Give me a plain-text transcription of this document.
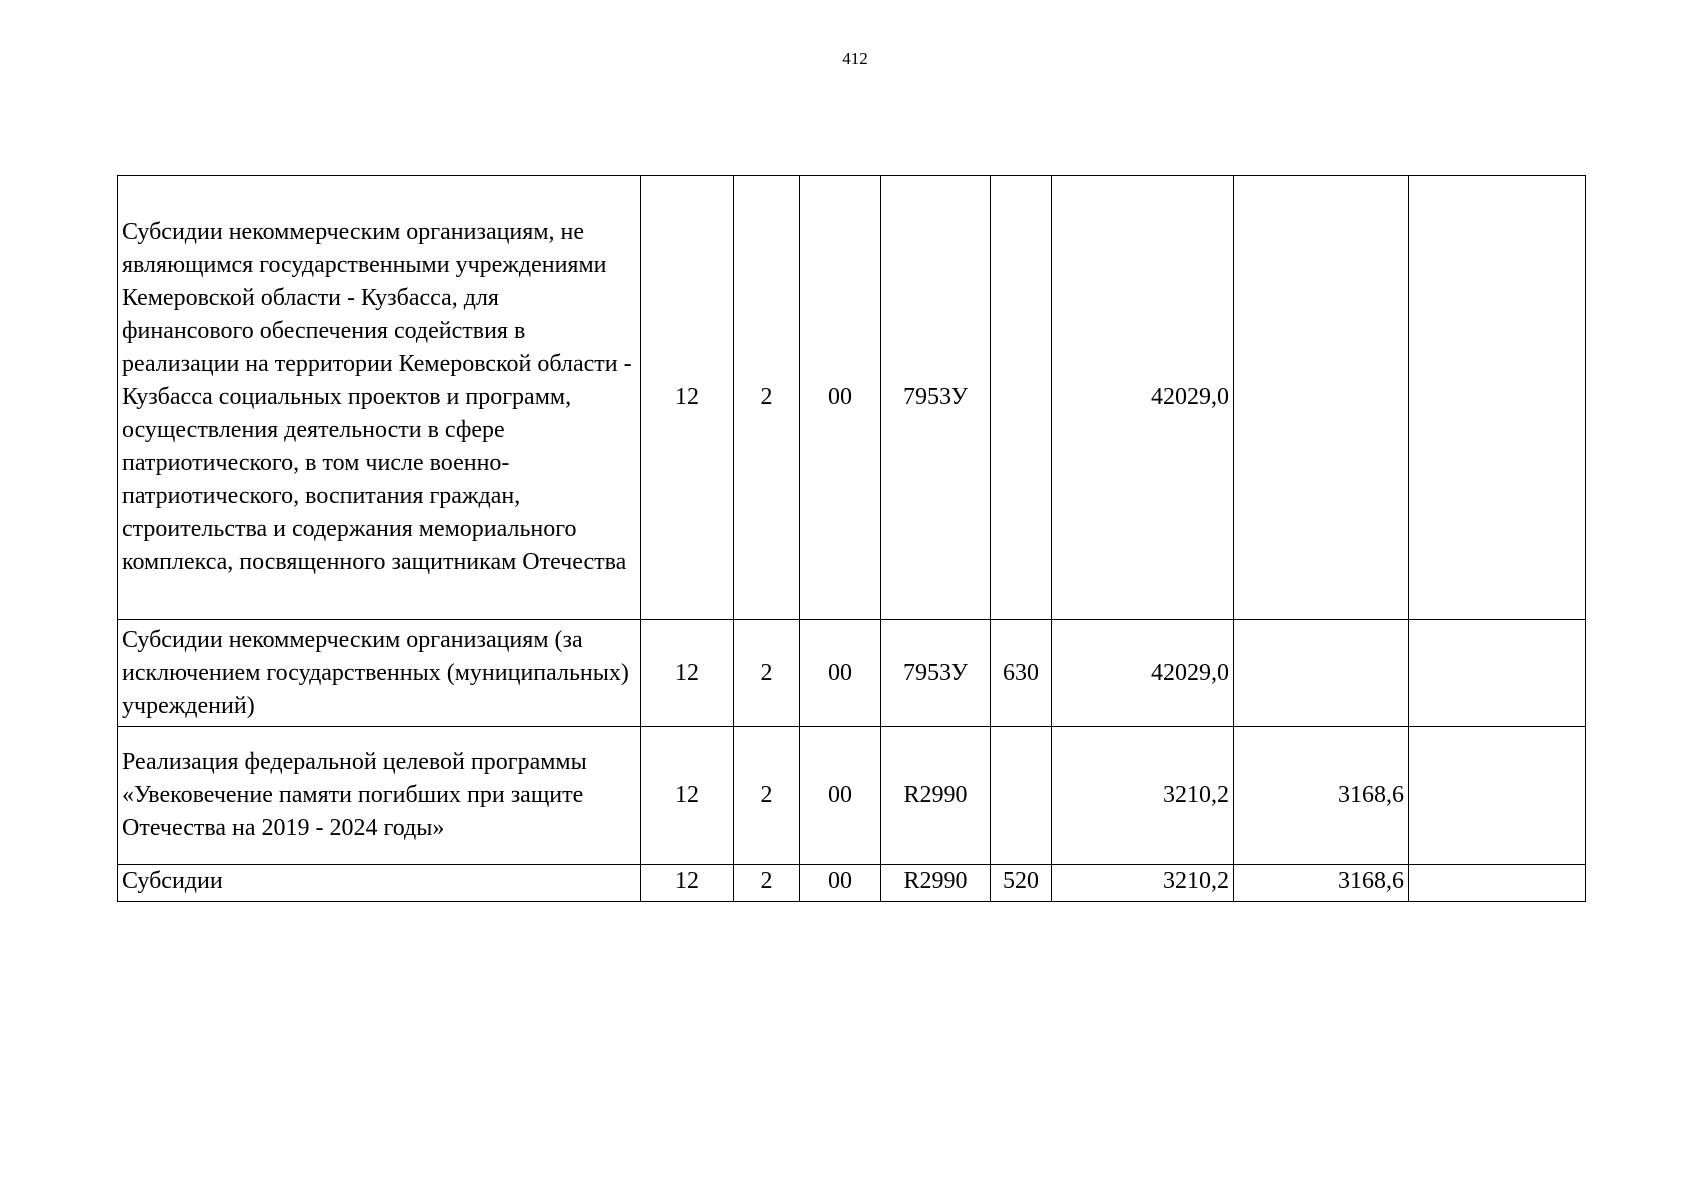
412
Субсидии некоммерческим организациям, не являющимся государственными учреждениями Кемеровской области - Кузбасса, для финансового обеспечения содействия в реализации на территории Кемеровской области - Кузбасса социальных проектов и программ, осуществления деятельности в сфере патриотического, в том числе военно-патриотического, воспитания граждан, строительства и содержания мемориального комплекса, посвященного защитникам Отечества	12	2	00	7953У		42029,0		
Субсидии некоммерческим организациям (за исключением государственных (муниципальных) учреждений)	12	2	00	7953У	630	42029,0		
Реализация федеральной целевой программы «Увековечение памяти погибших при защите Отечества на 2019 - 2024 годы»	12	2	00	R2990		3210,2	3168,6	
Субсидии	12	2	00	R2990	520	3210,2	3168,6	
